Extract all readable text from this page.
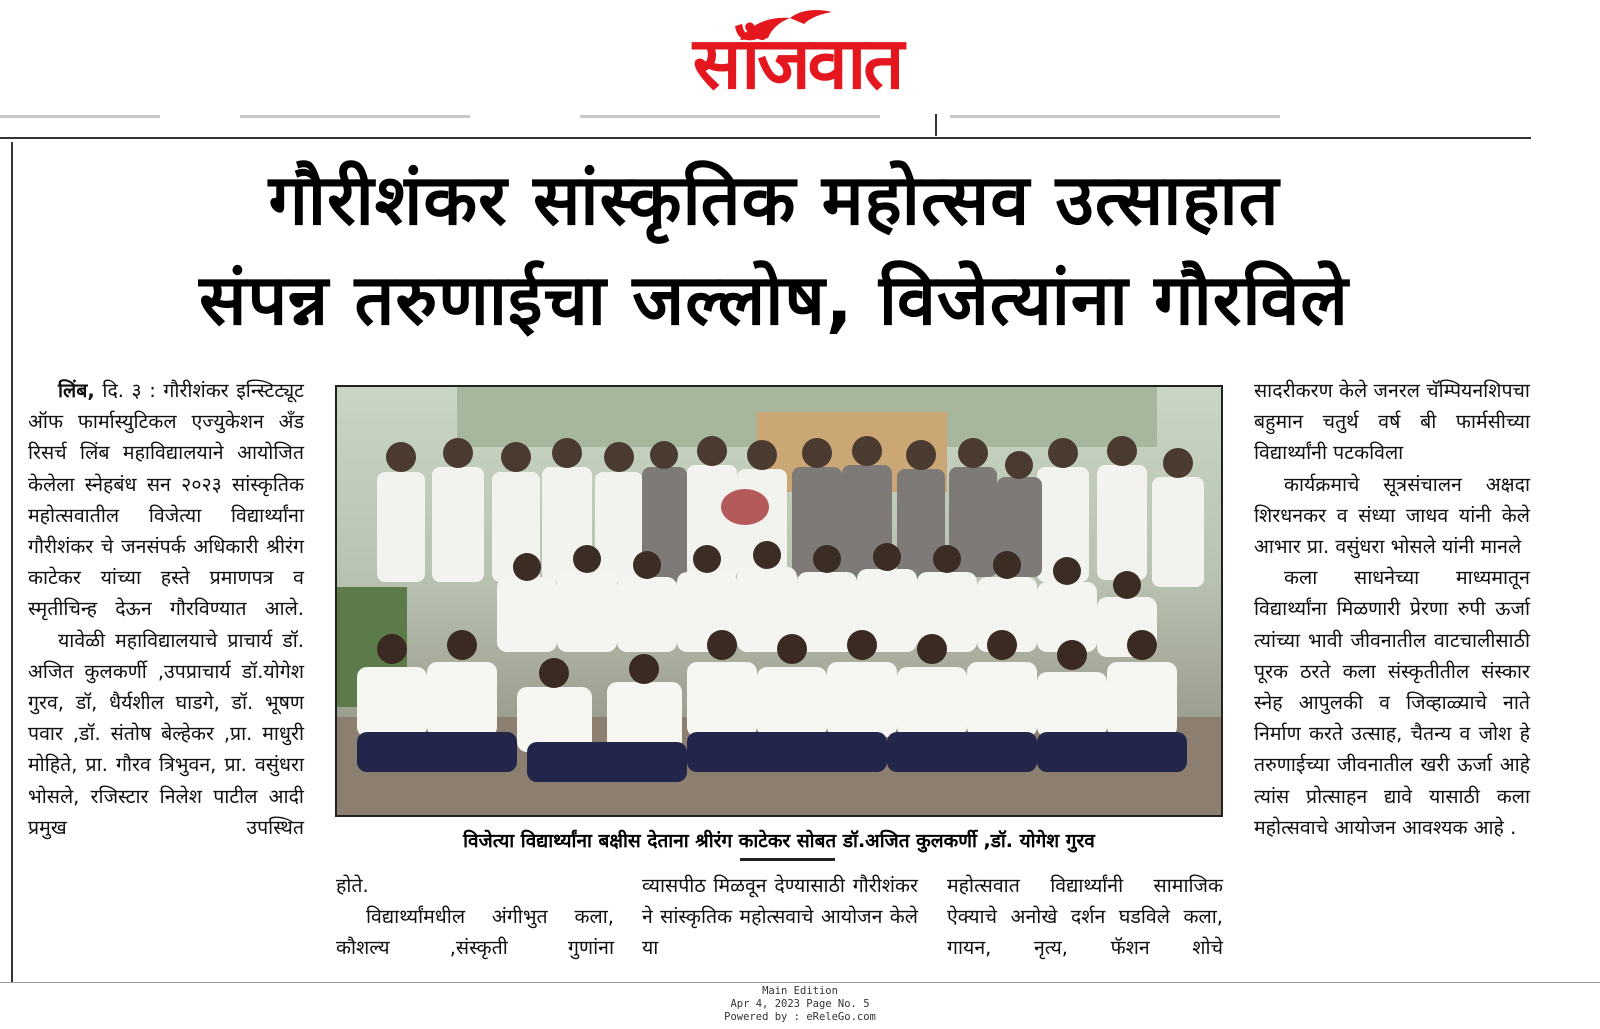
साँजवात
गौरीशंकर सांस्कृतिक महोत्सव उत्साहात
संपन्न तरुणाईचा जल्लोष, विजेत्यांना गौरविले

लिंब, दि. ३ : गौरीशंकर इन्स्टिट्यूट ऑफ फार्मास्युटिकल एज्युकेशन अँड रिसर्च लिंब महाविद्यालयाने आयोजित केलेला स्नेहबंध सन २०२३ सांस्कृतिक महोत्सवातील विजेत्या विद्यार्थ्यांना गौरीशंकर चे जनसंपर्क अधिकारी श्रीरंग काटेकर यांच्या हस्ते प्रमाणपत्र व स्मृतीचिन्ह देऊन गौरविण्यात आले.

यावेळी महाविद्यालयाचे प्राचार्य डॉ. अजित कुलकर्णी ,उपप्राचार्य डॉ.योगेश गुरव, डॉ, धैर्यशील घाडगे, डॉ. भूषण पवार ,डॉ. संतोष बेल्हेकर ,प्रा. माधुरी मोहिते, प्रा. गौरव त्रिभुवन, प्रा. वसुंधरा भोसले, रजिस्टार निलेश पाटील आदी प्रमुख उपस्थित

विजेत्या विद्यार्थ्यांना बक्षीस देताना श्रीरंग काटेकर सोबत डॉ.अजित कुलकर्णी ,डॉ. योगेश गुरव

होते.

विद्यार्थ्यांमधील अंगीभुत कला, कौशल्य ,संस्कृती गुणांना

व्यासपीठ मिळवून देण्यासाठी गौरीशंकर ने सांस्कृतिक महोत्सवाचे आयोजन केले या

महोत्सवात विद्यार्थ्यांनी सामाजिक ऐक्याचे अनोखे दर्शन घडविले कला, गायन, नृत्य, फॅशन शोचे

सादरीकरण केले जनरल चॅम्पियनशिपचा बहुमान चतुर्थ वर्ष बी फार्मसीच्या विद्यार्थ्यांनी पटकविला

कार्यक्रमाचे सूत्रसंचालन अक्षदा शिरधनकर व संध्या जाधव यांनी केले आभार प्रा. वसुंधरा भोसले यांनी मानले

कला साधनेच्या माध्यमातून विद्यार्थ्यांना मिळणारी प्रेरणा रुपी ऊर्जा त्यांच्या भावी जीवनातील वाटचालीसाठी पूरक ठरते कला संस्कृतीतील संस्कार स्नेह आपुलकी व जिव्हाळ्याचे नाते निर्माण करते उत्साह, चैतन्य व जोश हे तरुणाईच्या जीवनातील खरी ऊर्जा आहे त्यांस प्रोत्साहन द्यावे यासाठी कला महोत्सवाचे आयोजन आवश्यक आहे .

Main Edition
Apr 4, 2023 Page No. 5
Powered by : eReleGo.com
